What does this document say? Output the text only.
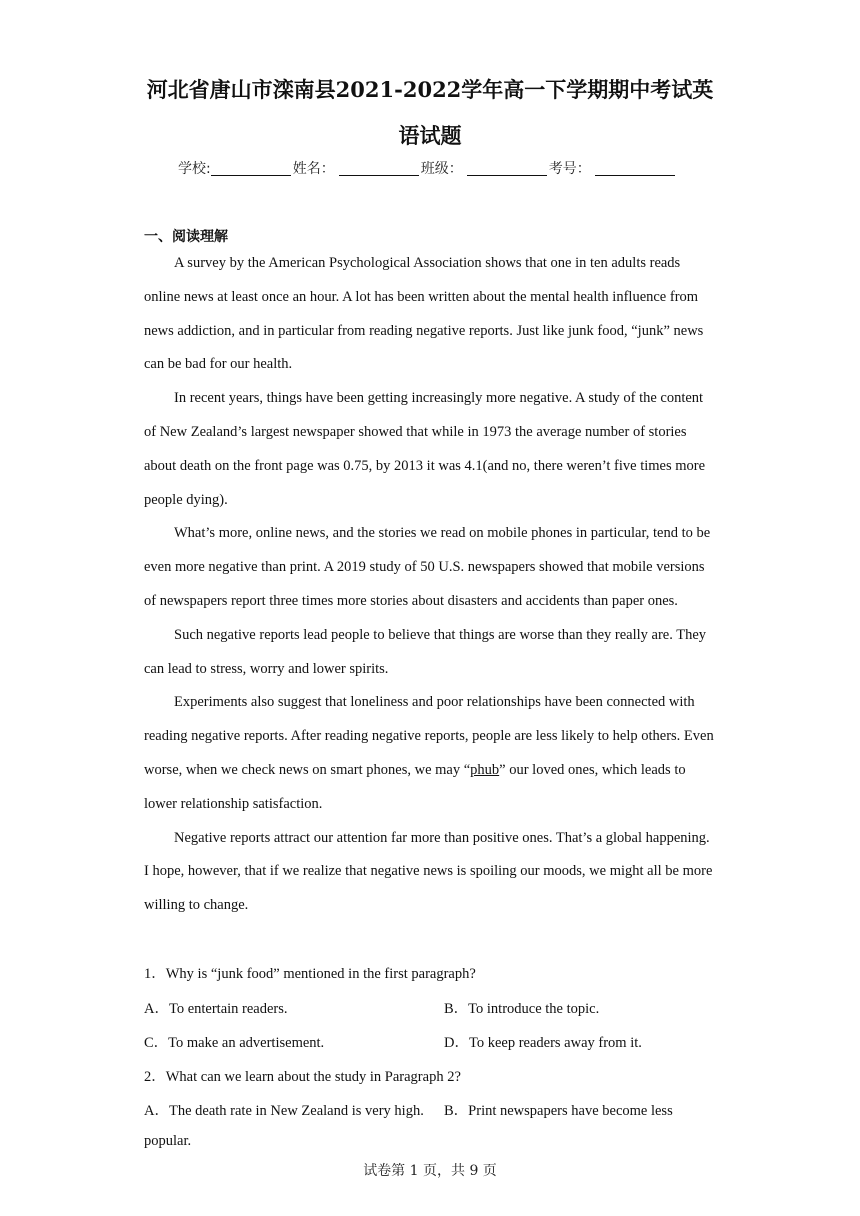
河北省唐山市滦南县2021-2022学年高一下学期期中考试英
语试题
学校:	姓名：	班级：	考号：
一、阅读理解

A survey by the American Psychological Association shows that one in ten adults reads online news at least once an hour. A lot has been written about the mental health influence from news addiction, and in particular from reading negative reports. Just like junk food, “junk” news can be bad for our health.

In recent years, things have been getting increasingly more negative. A study of the content of New Zealand’s largest newspaper showed that while in 1973 the average number of stories about death on the front page was 0.75, by 2013 it was 4.1(and no, there weren’t five times more people dying).

What’s more, online news, and the stories we read on mobile phones in particular, tend to be even more negative than print. A 2019 study of 50 U.S. newspapers showed that mobile versions of newspapers report three times more stories about disasters and accidents than paper ones.

Such negative reports lead people to believe that things are worse than they really are. They can lead to stress, worry and lower spirits.

Experiments also suggest that loneliness and poor relationships have been connected with reading negative reports. After reading negative reports, people are less likely to help others. Even worse, when we check news on smart phones, we may “phub” our loved ones, which leads to lower relationship satisfaction.

Negative reports attract our attention far more than positive ones. That’s a global happening. I hope, however, that if we realize that negative news is spoiling our moods, we might all be more willing to change.

1．Why is “junk food” mentioned in the first paragraph?
A．To entertain readers.	B．To introduce the topic.
C．To make an advertisement.	D．To keep readers away from it.
2．What can we learn about the study in Paragraph 2?
A．The death rate in New Zealand is very high. B．Print newspapers have become less
popular.
试卷第 1 页，共 9 页
